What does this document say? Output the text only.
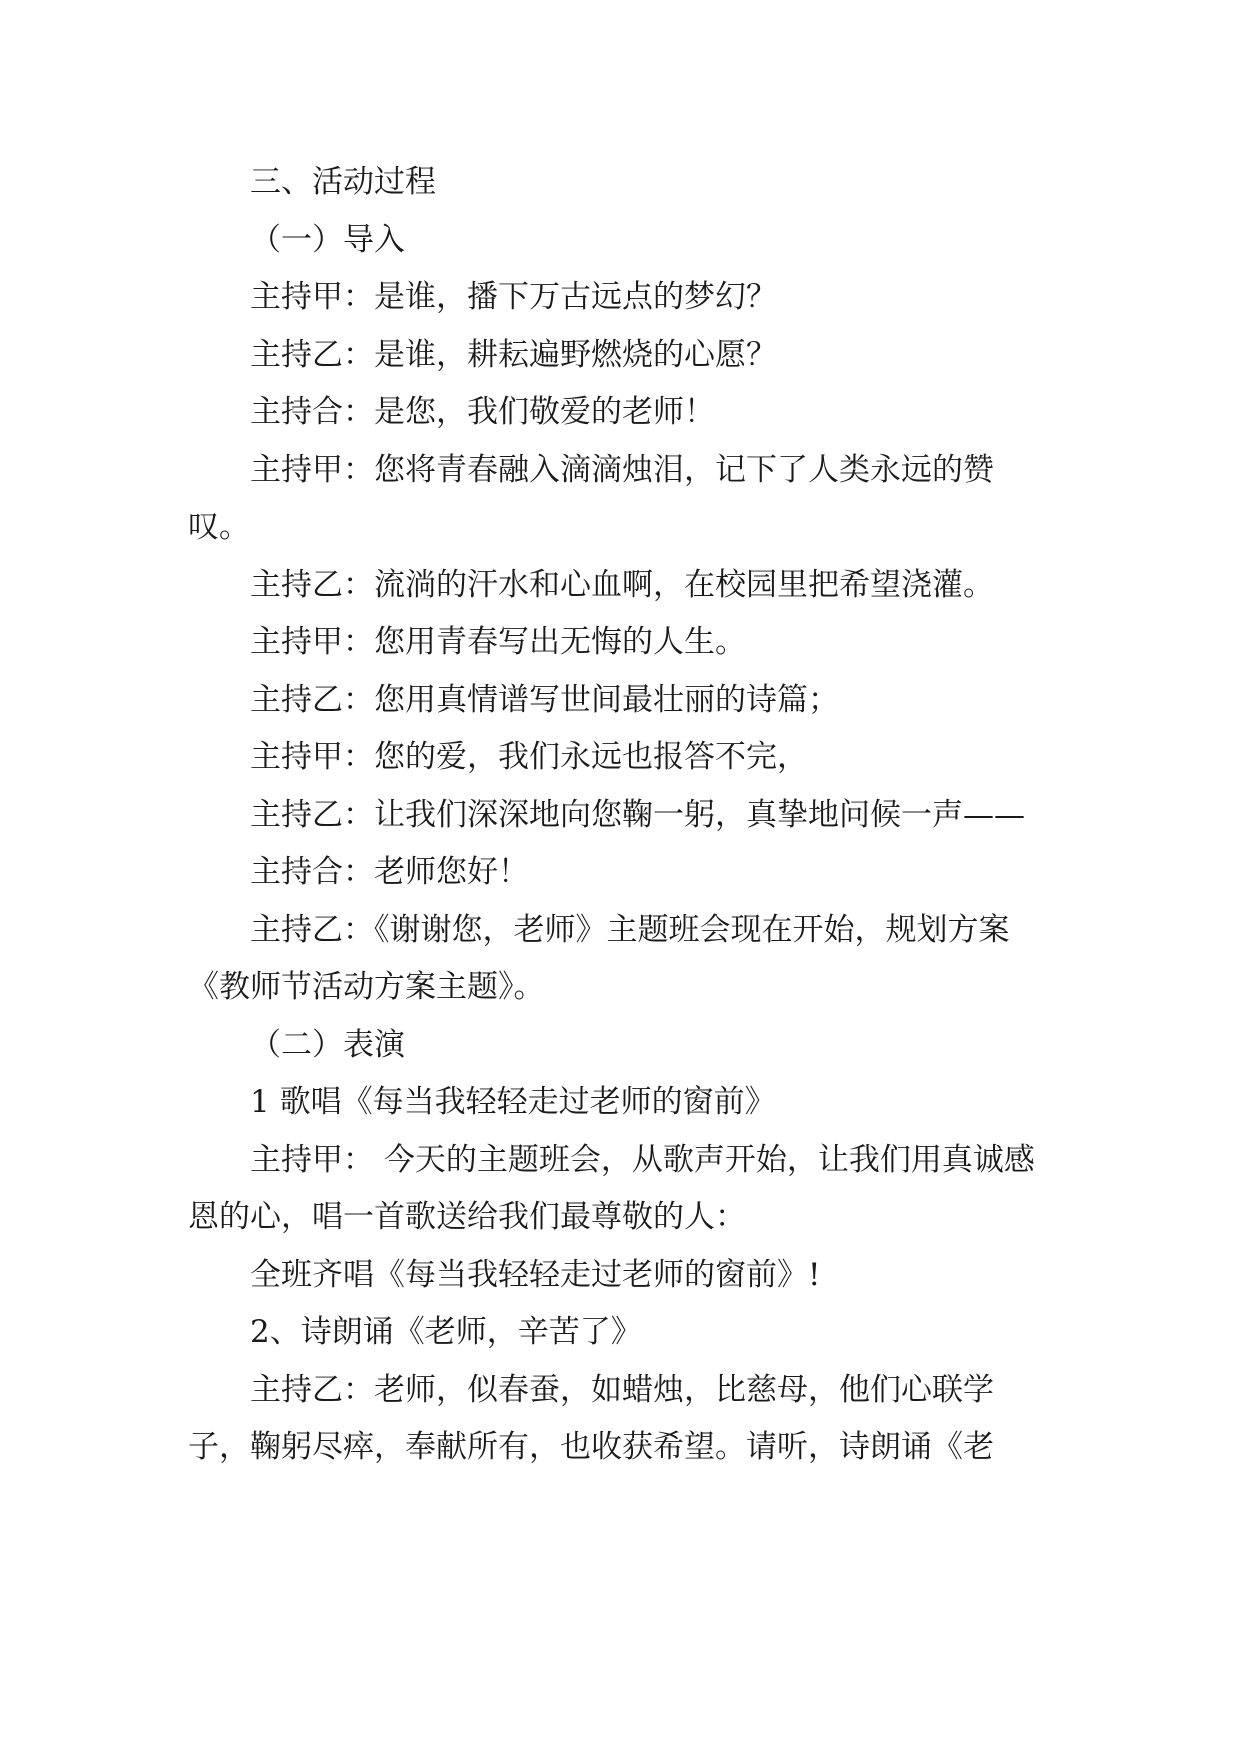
三、活动过程

（一）导入

主持甲：是谁，播下万古远点的梦幻？

主持乙：是谁，耕耘遍野燃烧的心愿？

主持合：是您，我们敬爱的老师！

主持甲：您将青春融入滴滴烛泪，记下了人类永远的赞叹。

主持乙：流淌的汗水和心血啊，在校园里把希望浇灌。

主持甲：您用青春写出无悔的人生。

主持乙：您用真情谱写世间最壮丽的诗篇；

主持甲：您的爱，我们永远也报答不完，

主持乙：让我们深深地向您鞠一躬，真挚地问候一声——

主持合：老师您好！

主持乙：《谢谢您，老师》主题班会现在开始，规划方案《教师节活动方案主题》。

（二）表演

1 歌唱《每当我轻轻走过老师的窗前》

主持甲： 今天的主题班会，从歌声开始，让我们用真诚感恩的心，唱一首歌送给我们最尊敬的人：

全班齐唱《每当我轻轻走过老师的窗前》!

2、诗朗诵《老师，辛苦了》

主持乙：老师，似春蚕，如蜡烛，比慈母，他们心联学子，鞠躬尽瘁，奉献所有，也收获希望。请听，诗朗诵《老
